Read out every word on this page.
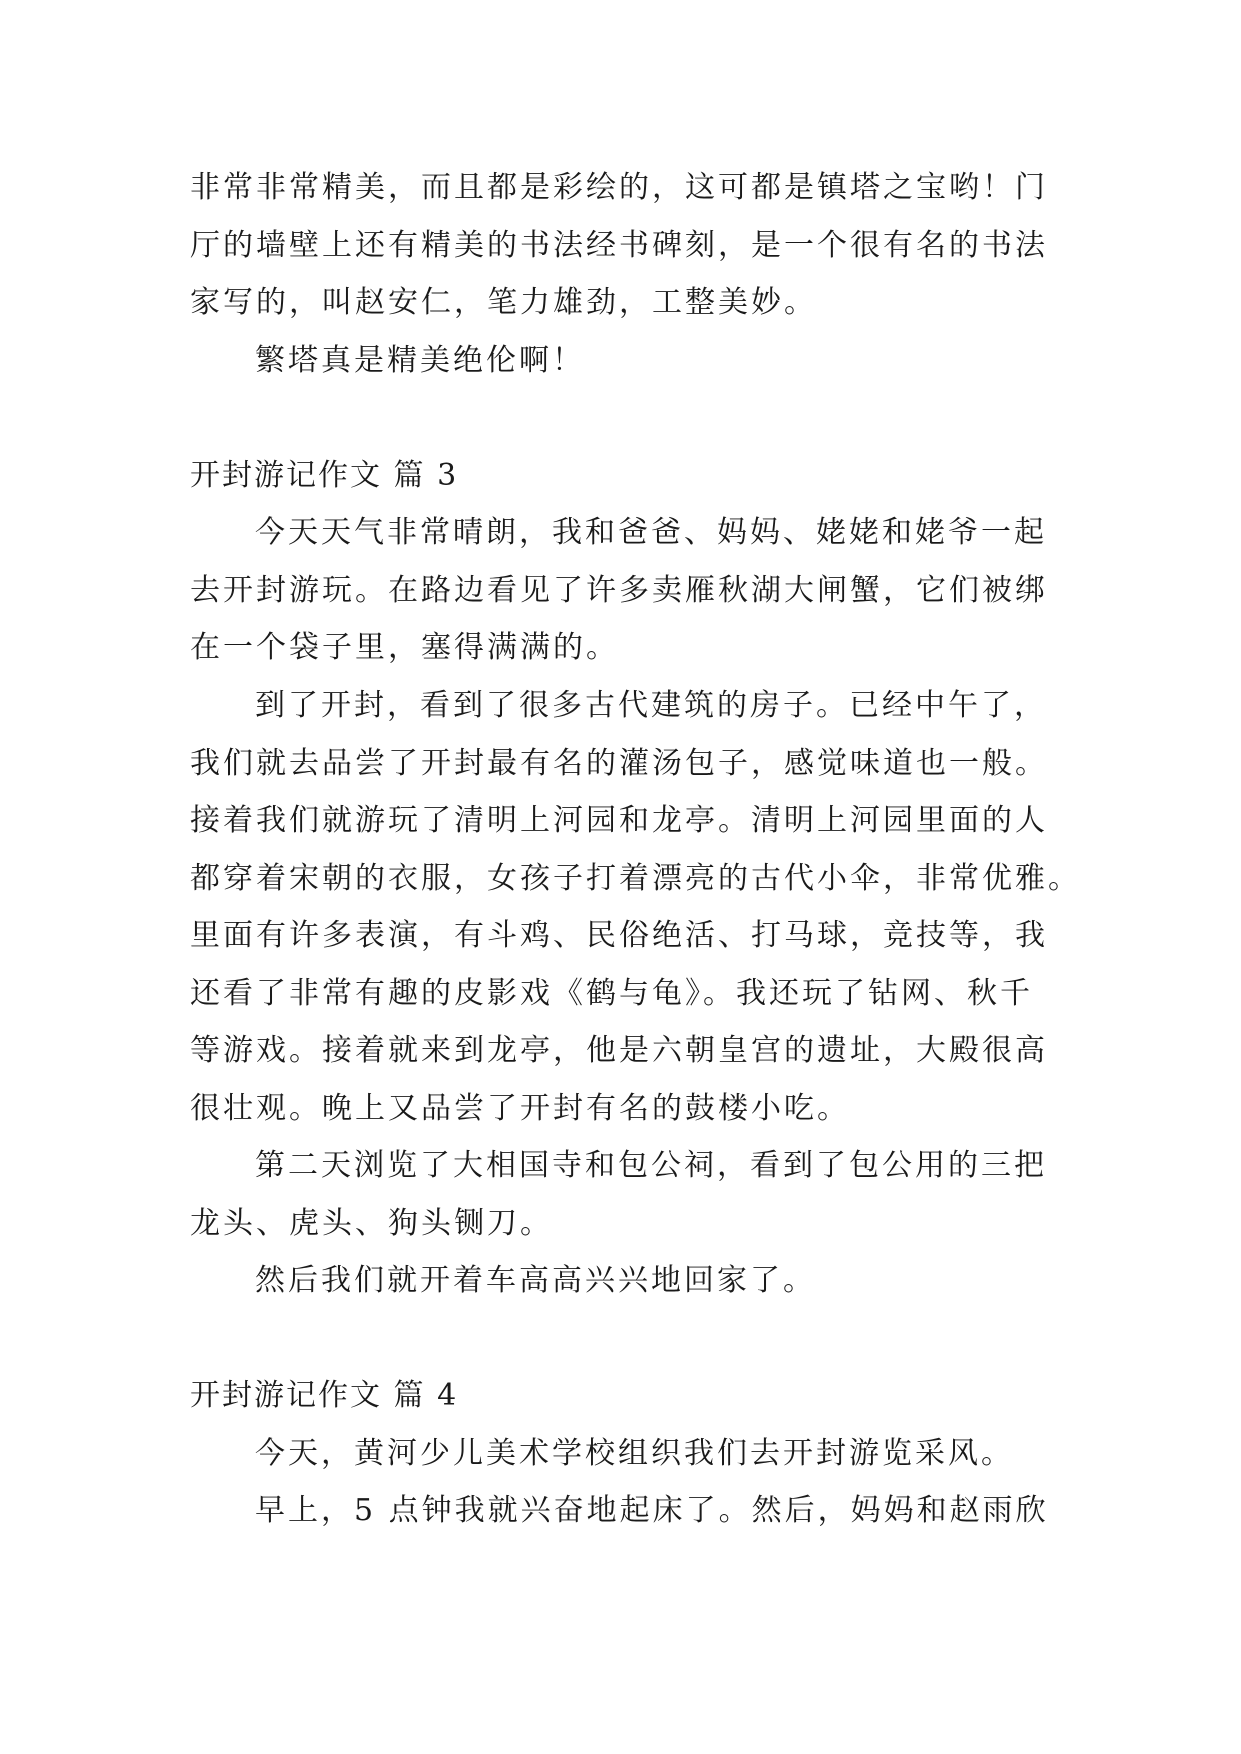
非常非常精美，而且都是彩绘的，这可都是镇塔之宝哟！门
厅的墙壁上还有精美的书法经书碑刻，是一个很有名的书法
家写的，叫赵安仁，笔力雄劲，工整美妙。
繁塔真是精美绝伦啊！
开封游记作文 篇 3
今天天气非常晴朗，我和爸爸、妈妈、姥姥和姥爷一起
去开封游玩。在路边看见了许多卖雁秋湖大闸蟹，它们被绑
在一个袋子里，塞得满满的。
到了开封，看到了很多古代建筑的房子。已经中午了，
我们就去品尝了开封最有名的灌汤包子，感觉味道也一般。
接着我们就游玩了清明上河园和龙亭。清明上河园里面的人
都穿着宋朝的衣服，女孩子打着漂亮的古代小伞，非常优雅。
里面有许多表演，有斗鸡、民俗绝活、打马球，竞技等，我
还看了非常有趣的皮影戏《鹤与龟》。我还玩了钻网、秋千
等游戏。接着就来到龙亭，他是六朝皇宫的遗址，大殿很高
很壮观。晚上又品尝了开封有名的鼓楼小吃。
第二天浏览了大相国寺和包公祠，看到了包公用的三把
龙头、虎头、狗头铡刀。
然后我们就开着车高高兴兴地回家了。
开封游记作文 篇 4
今天，黄河少儿美术学校组织我们去开封游览采风。
早上，5 点钟我就兴奋地起床了。然后，妈妈和赵雨欣
